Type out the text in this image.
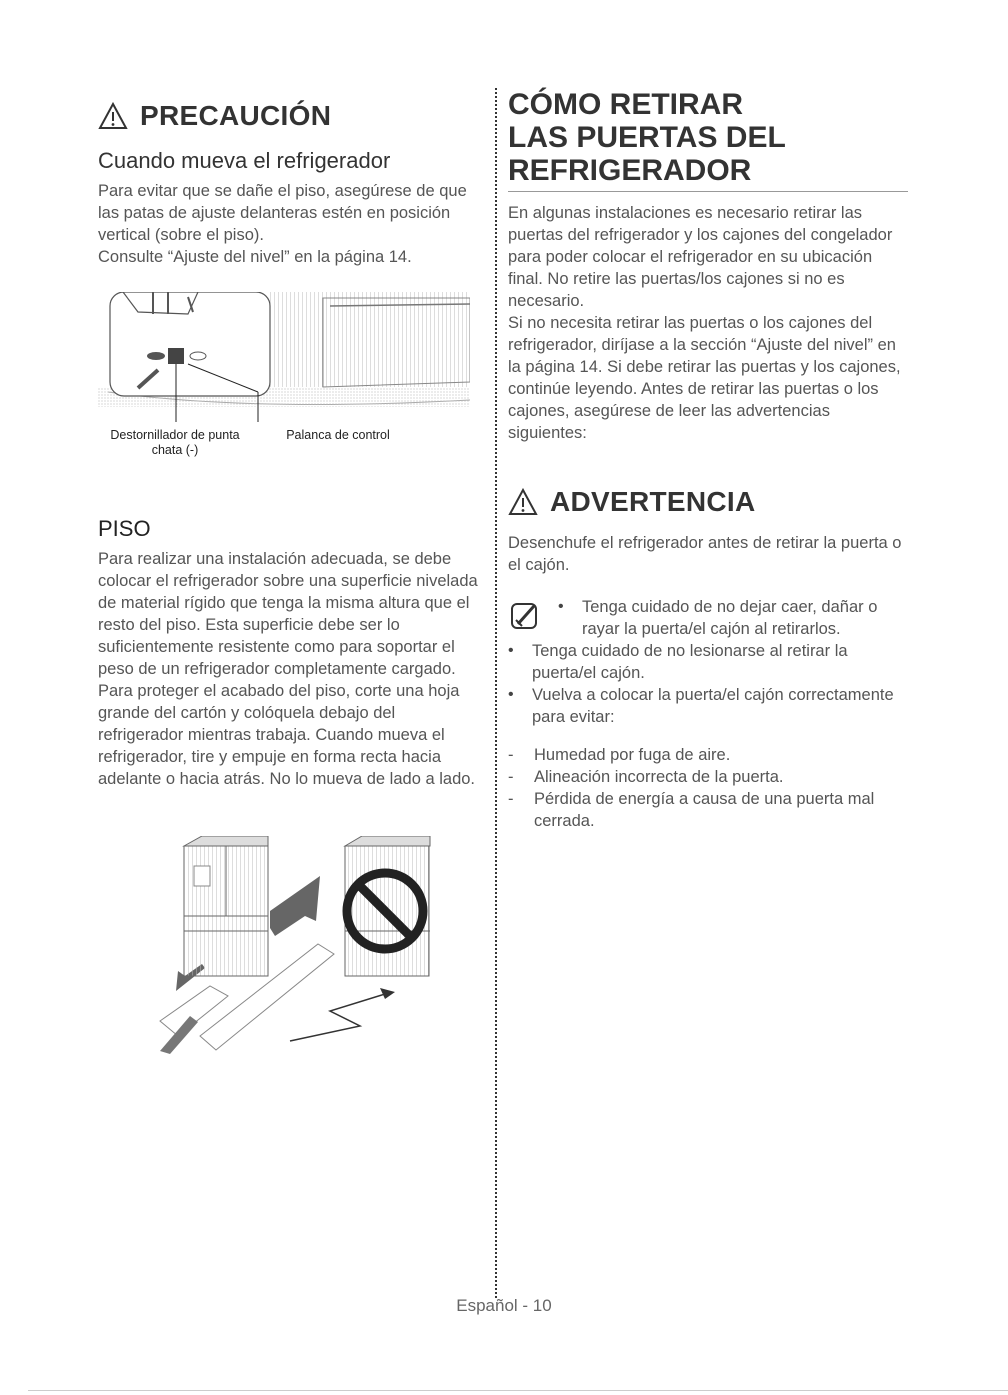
PRECAUCIÓN
Cuando mueva el refrigerador

Para evitar que se dañe el piso, asegúrese de que las patas de ajuste delanteras estén en posición vertical (sobre el piso).

Consulte “Ajuste del nivel” en la página 14.

Destornillador de punta chata (-)
Palanca de control
PISO

Para realizar una instalación adecuada, se debe colocar el refrigerador sobre una superficie nivelada de material rígido que tenga la misma altura que el resto del piso. Esta superficie debe ser lo suficientemente resistente como para soportar el peso de un refrigerador completamente cargado. Para proteger el acabado del piso, corte una hoja grande del cartón y colóquela debajo del refrigerador mientras trabaja. Cuando mueva el refrigerador, tire y empuje en forma recta hacia adelante o hacia atrás. No lo mueva de lado a lado.

CÓMO RETIRAR
LAS PUERTAS DEL
REFRIGERADOR

En algunas instalaciones es necesario retirar las puertas del refrigerador y los cajones del congelador para poder colocar el refrigerador en su ubicación final. No retire las puertas/los cajones si no es necesario.

Si no necesita retirar las puertas o los cajones del refrigerador, diríjase a la sección “Ajuste del nivel” en la página 14. Si debe retirar las puertas y los cajones, continúe leyendo. Antes de retirar las puertas o los cajones, asegúrese de leer las advertencias siguientes:

ADVERTENCIA

Desenchufe el refrigerador antes de retirar la puerta o el cajón.

• Tenga cuidado de no dejar caer, dañar o rayar la puerta/el cajón al retirarlos.
• Tenga cuidado de no lesionarse al retirar la puerta/el cajón.
• Vuelva a colocar la puerta/el cajón correctamente para evitar:
- Humedad por fuga de aire.
- Alineación incorrecta de la puerta.
- Pérdida de energía a causa de una puerta mal cerrada.
Español - 10
